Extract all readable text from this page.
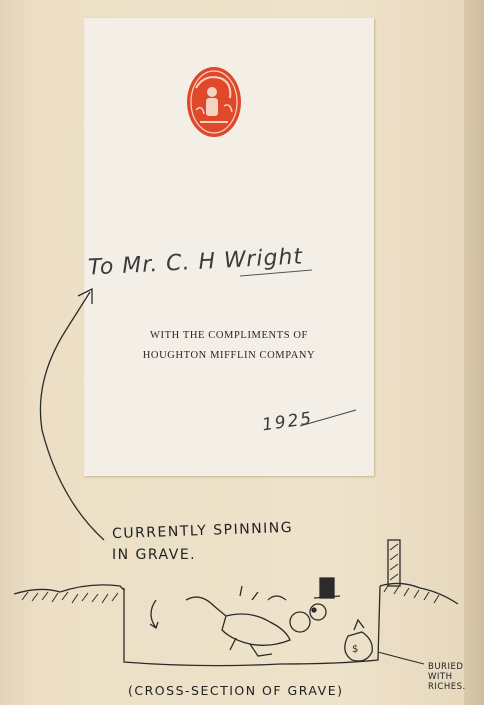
WITH THE COMPLIMENTS OF
HOUGHTON MIFFLIN COMPANY
To Mr. C. H Wright
1925
$
CURRENTLY SPINNING
IN GRAVE.
(CROSS-SECTION OF GRAVE)
BURIED
WITH
RICHES.
